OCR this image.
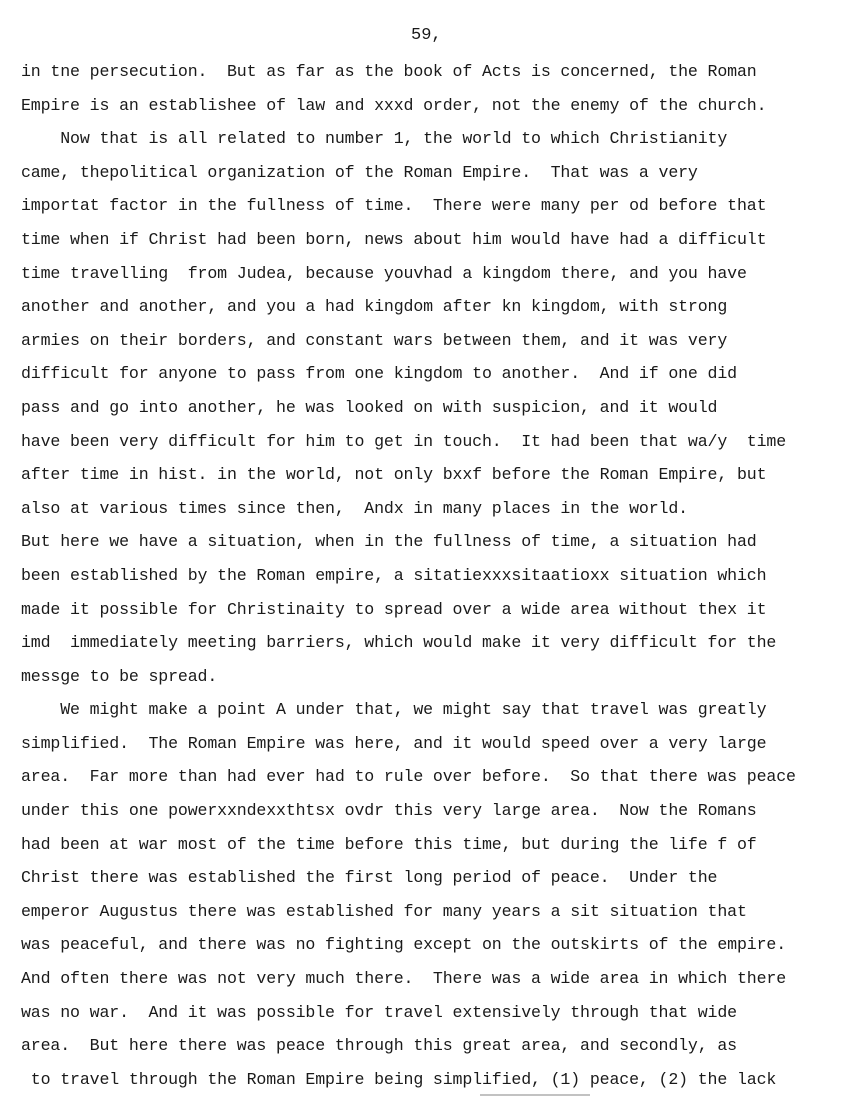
59,
in tne persecution.  But as far as the book of Acts is concerned, the Roman
Empire is an establishee of law and xxxd order, not the enemy of the church.
Now that is all related to number 1, the world to which Christianity
came, thepolitical organization of the Roman Empire.  That was a very
importat factor in the fullness of time.  There were many per od before that
time when if Christ had been born, news about him would have had a difficult
time travelling  from Judea, because youvhad a kingdom there, and you have
another and another, and you a had kingdom after kn kingdom, with strong
armies on their borders, and constant wars between them, and it was very
difficult for anyone to pass from one kingdom to another.  And if one did
pass and go into another, he was looked on with suspicion, and it would
have been very difficult for him to get in touch.  It had been that wa/y  time
after time in hist. in the world, not only bxxf before the Roman Empire, but
also at various times since then,  Andx in many places in the world.
But here we have a situation, when in the fullness of time, a situation had
been established by the Roman empire, a sitatiexxxsitaatioxx situation which
made it possible for Christinaity to spread over a wide area without thex it
imd  immediately meeting barriers, which would make it very difficult for the
messge to be spread.
We might make a point A under that, we might say that travel was greatly
simplified.  The Roman Empire was here, and it would speed over a very large
area.  Far more than had ever had to rule over before.  So that there was peace
under this one powerxxndexxthtsx ovdr this very large area.  Now the Romans
had been at war most of the time before this time, but during the life f of
Christ there was established the first long period of peace.  Under the
emperor Augustus there was established for many years a sit situation that
was peaceful, and there was no fighting except on the outskirts of the empire.
And often there was not very much there.  There was a wide area in which there
was no war.  And it was possible for travel extensively through that wide
area.  But here there was peace through this great area, and secondly, as
to travel through the Roman Empire being simplified, (1) peace, (2) the lack
